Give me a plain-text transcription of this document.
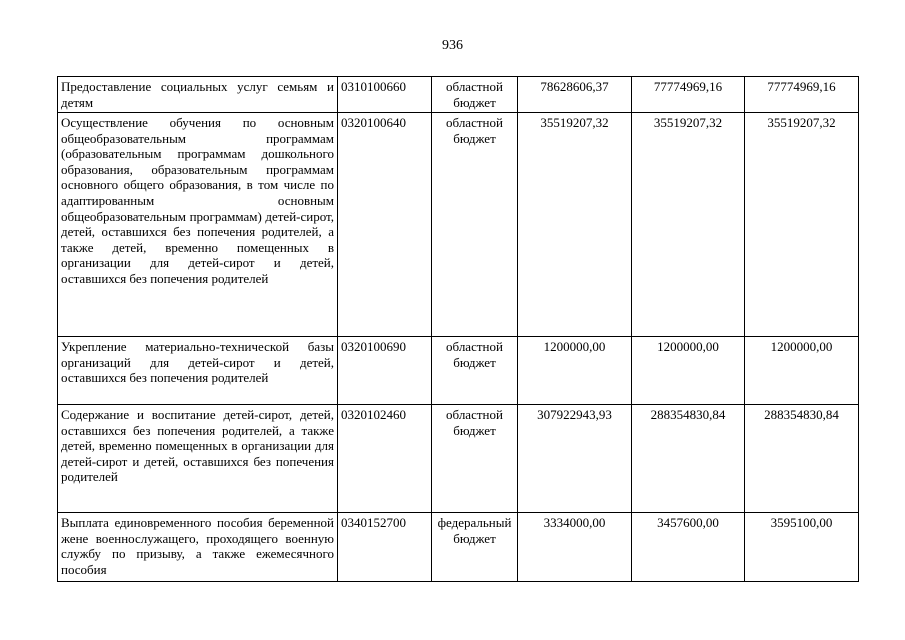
936
Предоставление социальных услуг семьям и детям	0310100660	областной бюджет	78628606,37	77774969,16	77774969,16
Осуществление обучения по основным общеобразовательным программам (образовательным программам дошкольного образования, образовательным программам основного общего образования, в том числе по адаптированным основным общеобразовательным программам) детей-сирот, детей, оставшихся без попечения родителей, а также детей, временно помещенных в организации для детей-сирот и детей, оставшихся без попечения родителей	0320100640	областной бюджет	35519207,32	35519207,32	35519207,32
Укрепление материально-технической базы организаций для детей-сирот и детей, оставшихся без попечения родителей	0320100690	областной бюджет	1200000,00	1200000,00	1200000,00
Содержание и воспитание детей-сирот, детей, оставшихся без попечения родителей, а также детей, временно помещенных в организации для детей-сирот и детей, оставшихся без попечения родителей	0320102460	областной бюджет	307922943,93	288354830,84	288354830,84
Выплата единовременного пособия беременной жене военнослужащего, проходящего военную службу по призыву, а также ежемесячного пособия	0340152700	федеральный бюджет	3334000,00	3457600,00	3595100,00
